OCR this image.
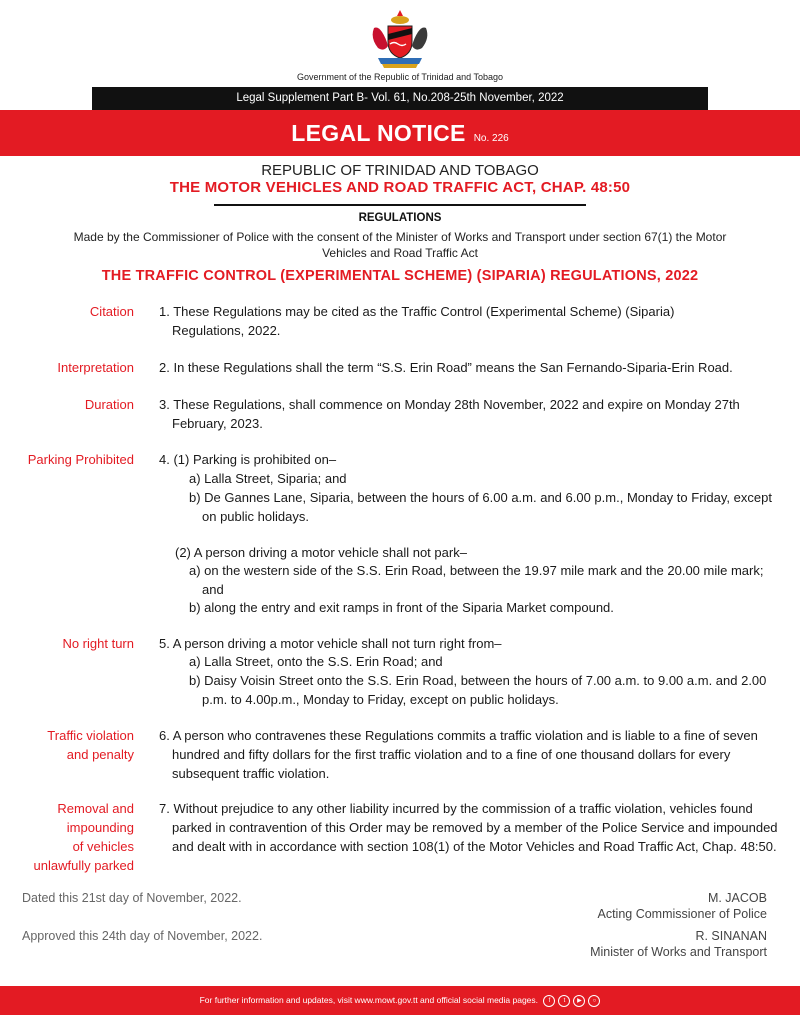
Government of the Republic of Trinidad and Tobago
Legal Supplement Part B- Vol. 61, No.208-25th November, 2022
LEGAL NOTICE No. 226
REPUBLIC OF TRINIDAD AND TOBAGO
THE MOTOR VEHICLES AND ROAD TRAFFIC ACT, CHAP. 48:50
REGULATIONS
Made by the Commissioner of Police with the consent of the Minister of Works and Transport under section 67(1) the Motor
Vehicles and Road Traffic Act
THE TRAFFIC CONTROL (EXPERIMENTAL SCHEME) (SIPARIA) REGULATIONS, 2022
Citation 1. These Regulations may be cited as the Traffic Control (Experimental Scheme) (Siparia) Regulations, 2022.
Interpretation 2. In these Regulations shall the term “S.S. Erin Road” means the San Fernando-Siparia-Erin Road.
Duration 3. These Regulations, shall commence on Monday 28th November, 2022 and expire on Monday 27th February, 2023.
Parking Prohibited 4. (1) Parking is prohibited on–
a) Lalla Street, Siparia; and
b) De Gannes Lane, Siparia, between the hours of 6.00 a.m. and 6.00 p.m., Monday to Friday, except on public holidays.
(2) A person driving a motor vehicle shall not park–
a) on the western side of the S.S. Erin Road, between the 19.97 mile mark and the 20.00 mile mark; and
b) along the entry and exit ramps in front of the Siparia Market compound.
No right turn 5. A person driving a motor vehicle shall not turn right from–
a) Lalla Street, onto the S.S. Erin Road; and
b) Daisy Voisin Street onto the S.S. Erin Road, between the hours of 7.00 a.m. to 9.00 a.m. and 2.00 p.m. to 4.00p.m., Monday to Friday, except on public holidays.
Traffic violation
and penalty
6. A person who contravenes these Regulations commits a traffic violation and is liable to a fine of seven hundred and fifty dollars for the first traffic violation and to a fine of one thousand dollars for every subsequent traffic violation.
Removal and
impounding
of vehicles
unlawfully parked
7. Without prejudice to any other liability incurred by the commission of a traffic violation, vehicles found parked in contravention of this Order may be removed by a member of the Police Service and impounded and dealt with in accordance with section 108(1) of the Motor Vehicles and Road Traffic Act, Chap. 48:50.
Dated this 21st day of November, 2022.	M. JACOB
Acting Commissioner of Police
Approved this 24th day of November, 2022.	R. SINANAN
Minister of Works and Transport
For further information and updates, visit www.mowt.gov.tt and official social media pages. f t ▶ ○
